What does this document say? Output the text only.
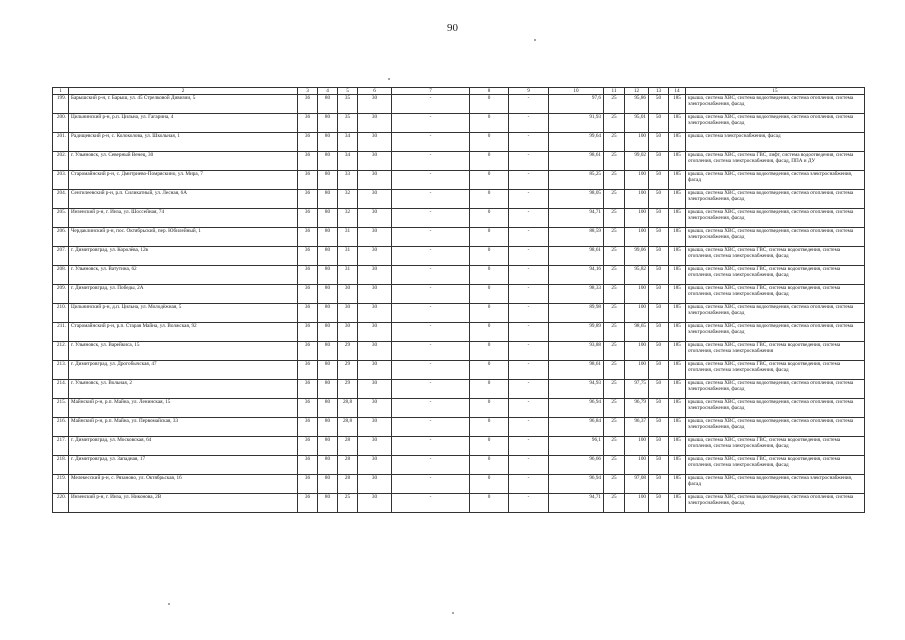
90
1	2	3	4	5	6	7	8	9	10	11	12	13	14	15
199.	Барышский р-н, г. Барыш, ул. 45 Стрелковой Дивизии, 5	36	80	35	30	-	0	-	97,6	25	95,86	50	185	крыша, система ХВС, система водоотведения, система отопления, система электроснабжения, фасад
200.	Цильнинский р-н, р.п. Цильна, ул. Гагарина, 4	36	80	35	30	-	0	-	91,93	25	95,01	50	185	крыша, система ХВС, система водоотведения, система отопления, система электроснабжения, фасад
201.	Радищевский р-н, с. Колоколова, ул. Школьная, 1	36	80	34	30	-	0	-	99,64	25	100	50	185	крыша, система электроснабжения, фасад
202.	г. Ульяновск, ул. Северный Венец, 30	36	80	34	30	-	0	-	98,61	25	99,02	50	185	крыша, система ХВС, система ГВС, лифт, система водоотведения, система отопления, система электроснабжения, фасад, ППА и ДУ
203.	Старомайнский р-н, с. Дмитриево-Помряскино, ул. Мира, 7	36	80	33	30	-	0	-	85,25	25	100	50	185	крыша, система ХВС, система водоотведения, система электроснабжения, фасад
204.	Сенгилеевский р-н, р.п. Силикатный, ул. Лесная, 6А	36	80	32	30	-	0	-	98,05	25	100	50	185	крыша, система ХВС, система водоотведения, система отопления, система электроснабжения, фасад
205.	Инзенский р-н, г. Инза, ул. Шоссейная, 74	36	80	32	30	-	0	-	94,71	25	100	50	185	крыша, система ХВС, система водоотведения, система отопления, система электроснабжения, фасад
206.	Чердаклинский р-н, пос. Октябрьский, пер. Юбилейный, 1	36	80	31	30	-	0	-	88,59	25	100	50	185	крыша, система ХВС, система водоотведения, система отопления, система электроснабжения, фасад
207.	г. Димитровград, ул. Королёва, 12в	36	80	31	30	-	0	-	98,61	25	99,06	50	185	крыша, система ХВС, система ГВС, система водоотведения, система отопления, система электроснабжения, фасад
208.	г. Ульяновск, ул. Ватутина, 62	36	80	31	30	-	0	-	94,16	25	95,82	50	185	крыша, система ХВС, система ГВС, система водоотведения, система отопления, система электроснабжения, фасад
209.	г. Димитровград, ул. Победы, 2А	36	80	30	30	-	0	-	98,33	25	100	50	185	крыша, система ХВС, система ГВС, система водоотведения, система отопления, система электроснабжения, фасад
210.	Цильнинский р-н, д.п. Цильна, ул. Молодёжная, 5	36	80	30	30	-	0	-	89,98	25	100	50	185	крыша, система ХВС, система водоотведения, система отопления, система электроснабжения, фасад
211.	Старомайнский р-н, р.п. Старая Майна, ул. Волжская, 92	36	80	30	30	-	0	-	99,89	25	98,65	50	185	крыша, система ХВС, система водоотведения, система отопления, система электроснабжения, фасад
212.	г. Ульяновск, ул. Варейкиса, 15	36	80	29	30	-	0	-	93,88	25	100	50	185	крыша, система ХВС, система ГВС, система водоотведения, система отопления, система электроснабжения
213.	г. Димитровград, ул. Дрогобычская, 47	36	80	29	30	-	0	-	98,61	25	100	50	185	крыша, система ХВС, система ГВС, система водоотведения, система отопления, система электроснабжения, фасад
214.	г. Ульяновск, ул. Вольная, 2	36	80	29	30	-	0	-	94,93	25	97,75	50	185	крыша, система ХВС, система водоотведения, система отопления, система электроснабжения, фасад
215.	Майнский р-н, р.п. Майна, ул. Ленинская, 15	36	80	28,8	30	-	0	-	96,94	25	96,79	50	185	крыша, система ХВС, система водоотведения, система отопления, система электроснабжения, фасад
216.	Майнский р-н, р.п. Майна, ул. Первомайская, 33	36	80	28,8	30	-	0	-	96,84	25	96,37	50	185	крыша, система ХВС, система водоотведения, система отопления, система электроснабжения, фасад
217.	г. Димитровград, ул. Московская, 64	36	80	28	30	-	0	-	96,1	25	100	50	185	крыша, система ХВС, система ГВС, система водоотведения, система отопления, система электроснабжения, фасад
218.	г. Димитровград, ул. Западная, 17	36	80	28	30	-	0	-	96,66	25	100	50	185	крыша, система ХВС, система ГВС, система водоотведения, система отопления, система электроснабжения, фасад
219.	Мелекесский р-н, с. Рязаново, ул. Октябрьская, 16	36	80	28	30	-	0	-	96,94	25	97,08	50	185	крыша, система ХВС, система водоотведения, система электроснабжения, фасад
220.	Инзенский р-н, г. Инза, ул. Никонова, 2В	36	80	25	30	-	0	-	94,71	25	100	50	185	крыша, система ХВС, система водоотведения, система отопления, система электроснабжения, фасад
